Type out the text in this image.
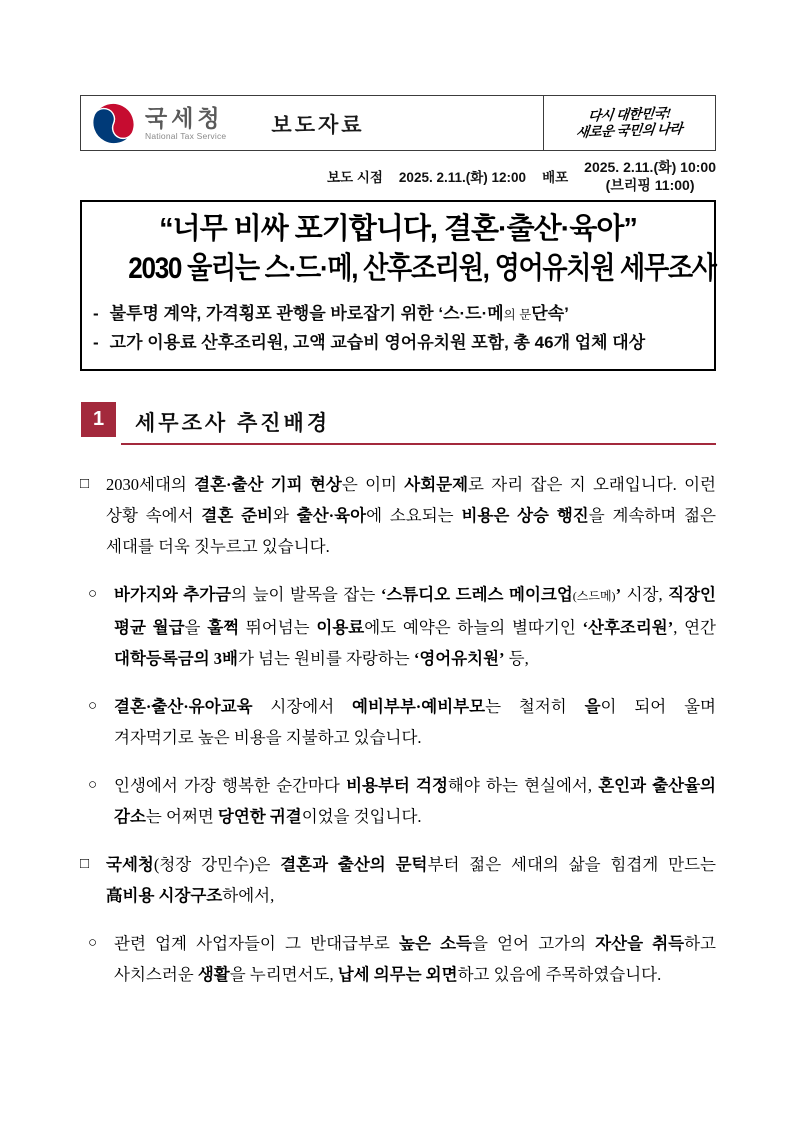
국세청
National Tax Service	보도자료	다시 대한민국!
새로운 국민의 나라
보도 시점 2025. 2.11.(화) 12:00 배포
2025. 2.11.(화) 10:00
(브리핑 11:00)
“너무 비싸 포기합니다, 결혼·출산·육아”
2030 울리는 스·드·메, 산후조리원, 영어유치원 세무조사
- 불투명 계약, 가격횡포 관행을 바로잡기 위한 ‘스·드·메의 문단속’
- 고가 이용료 산후조리원, 고액 교습비 영어유치원 포함, 총 46개 업체 대상
1	세무조사 추진배경
□	2030세대의 결혼·출산 기피 현상은 이미 사회문제로 자리 잡은 지 오래입니다. 이런 상황 속에서 결혼 준비와 출산·육아에 소요되는 비용은 상승 행진을 계속하며 젊은 세대를 더욱 짓누르고 있습니다.
○	바가지와 추가금의 늪이 발목을 잡는 ‘스튜디오 드레스 메이크업(스드메)’ 시장, 직장인 평균 월급을 훌쩍 뛰어넘는 이용료에도 예약은 하늘의 별따기인 ‘산후조리원’, 연간 대학등록금의 3배가 넘는 원비를 자랑하는 ‘영어유치원’ 등,
○	결혼·출산·유아교육 시장에서 예비부부·예비부모는 철저히 을이 되어 울며 겨자먹기로 높은 비용을 지불하고 있습니다.
○	인생에서 가장 행복한 순간마다 비용부터 걱정해야 하는 현실에서, 혼인과 출산율의 감소는 어쩌면 당연한 귀결이었을 것입니다.
□	국세청(청장 강민수)은 결혼과 출산의 문턱부터 젊은 세대의 삶을 힘겹게 만드는 高비용 시장구조하에서,
○	관련 업계 사업자들이 그 반대급부로 높은 소득을 얻어 고가의 자산을 취득하고 사치스러운 생활을 누리면서도, 납세 의무는 외면하고 있음에 주목하였습니다.
